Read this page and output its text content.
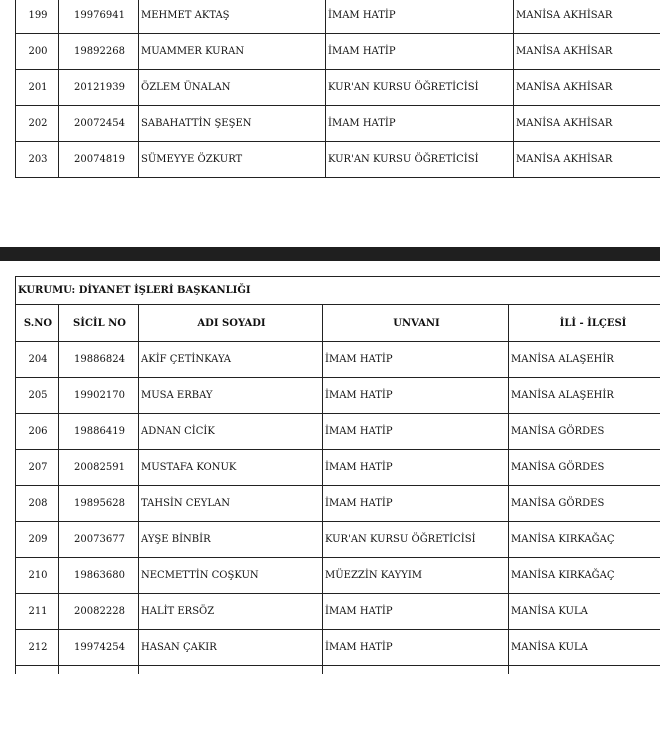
199	19976941	MEHMET AKTAŞ	İMAM HATİP	MANİSA AKHİSAR
200	19892268	MUAMMER KURAN	İMAM HATİP	MANİSA AKHİSAR
201	20121939	ÖZLEM ÜNALAN	KUR'AN KURSU ÖĞRETİCİSİ	MANİSA AKHİSAR
202	20072454	SABAHATTİN ŞEŞEN	İMAM HATİP	MANİSA AKHİSAR
203	20074819	SÜMEYYE ÖZKURT	KUR'AN KURSU ÖĞRETİCİSİ	MANİSA AKHİSAR
KURUMU: DİYANET İŞLERİ BAŞKANLIĞI				
S.NO	SİCİL NO	ADI SOYADI	UNVANI	İLİ - İLÇESİ
204	19886824	AKİF ÇETİNKAYA	İMAM HATİP	MANİSA ALAŞEHİR
205	19902170	MUSA ERBAY	İMAM HATİP	MANİSA ALAŞEHİR
206	19886419	ADNAN CİCİK	İMAM HATİP	MANİSA GÖRDES
207	20082591	MUSTAFA KONUK	İMAM HATİP	MANİSA GÖRDES
208	19895628	TAHSİN CEYLAN	İMAM HATİP	MANİSA GÖRDES
209	20073677	AYŞE BİNBİR	KUR'AN KURSU ÖĞRETİCİSİ	MANİSA KIRKAĞAÇ
210	19863680	NECMETTİN COŞKUN	MÜEZZİN KAYYIM	MANİSA KIRKAĞAÇ
211	20082228	HALİT ERSÖZ	İMAM HATİP	MANİSA KULA
212	19974254	HASAN ÇAKIR	İMAM HATİP	MANİSA KULA
